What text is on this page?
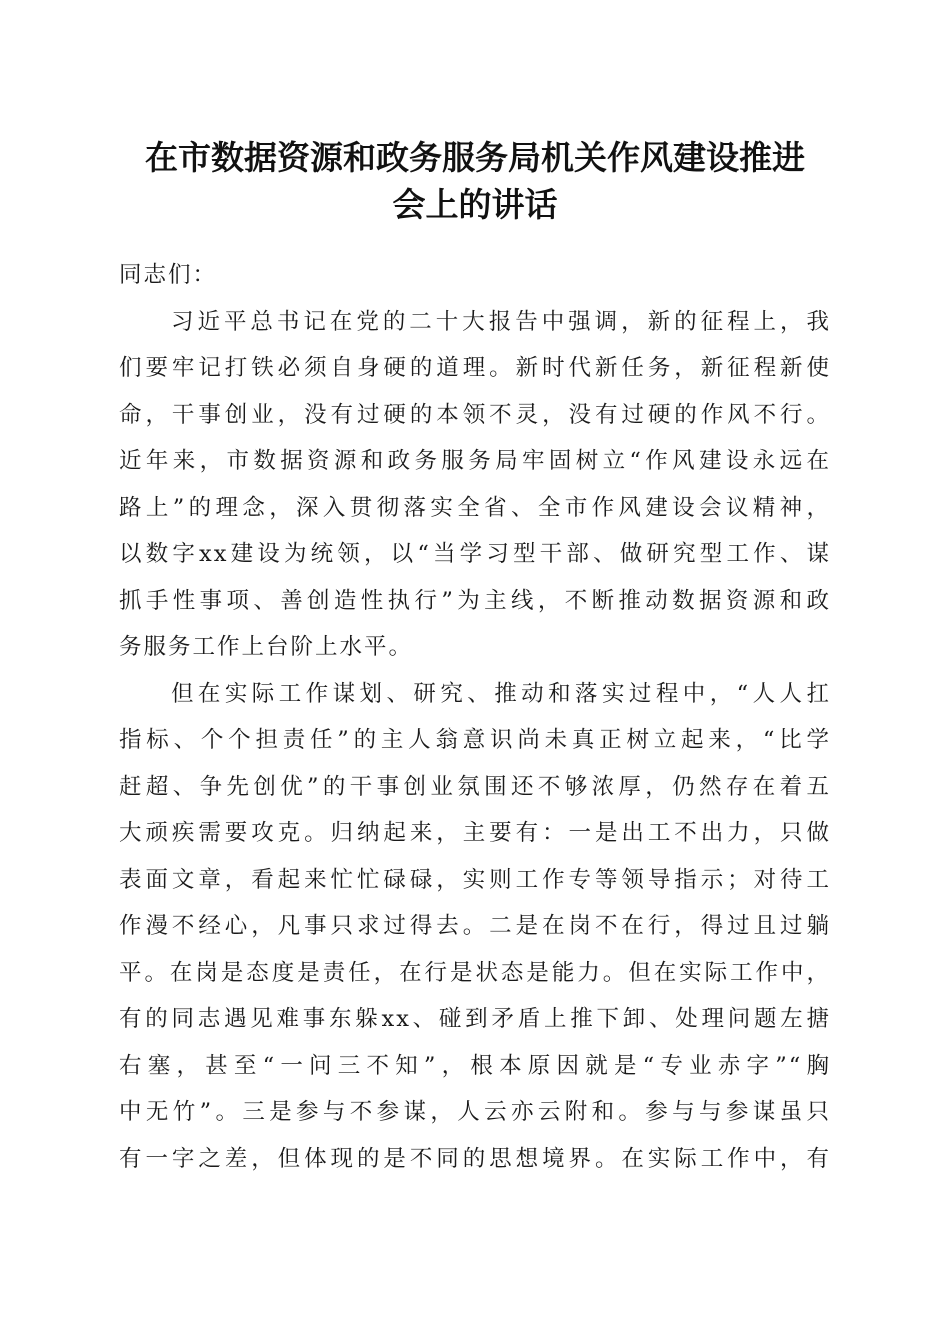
在市数据资源和政务服务局机关作风建设推进
会上的讲话
同志们：
习近平总书记在党的二十大报告中强调，新的征程上，我
们要牢记打铁必须自身硬的道理。新时代新任务，新征程新使
命，干事创业，没有过硬的本领不灵，没有过硬的作风不行。
近年来，市数据资源和政务服务局牢固树立“作风建设永远在
路上”的理念，深入贯彻落实全省、全市作风建设会议精神，
以数字xx建设为统领，以“当学习型干部、做研究型工作、谋
抓手性事项、善创造性执行”为主线，不断推动数据资源和政
务服务工作上台阶上水平。
但在实际工作谋划、研究、推动和落实过程中，“人人扛
指标、个个担责任”的主人翁意识尚未真正树立起来，“比学
赶超、争先创优”的干事创业氛围还不够浓厚，仍然存在着五
大顽疾需要攻克。归纳起来，主要有：一是出工不出力，只做
表面文章，看起来忙忙碌碌，实则工作专等领导指示；对待工
作漫不经心，凡事只求过得去。二是在岗不在行，得过且过躺
平。在岗是态度是责任，在行是状态是能力。但在实际工作中，
有的同志遇见难事东躲xx、碰到矛盾上推下卸、处理问题左搪
右塞，甚至“一问三不知”，根本原因就是“专业赤字”“胸
中无竹”。三是参与不参谋，人云亦云附和。参与与参谋虽只
有一字之差，但体现的是不同的思想境界。在实际工作中，有
